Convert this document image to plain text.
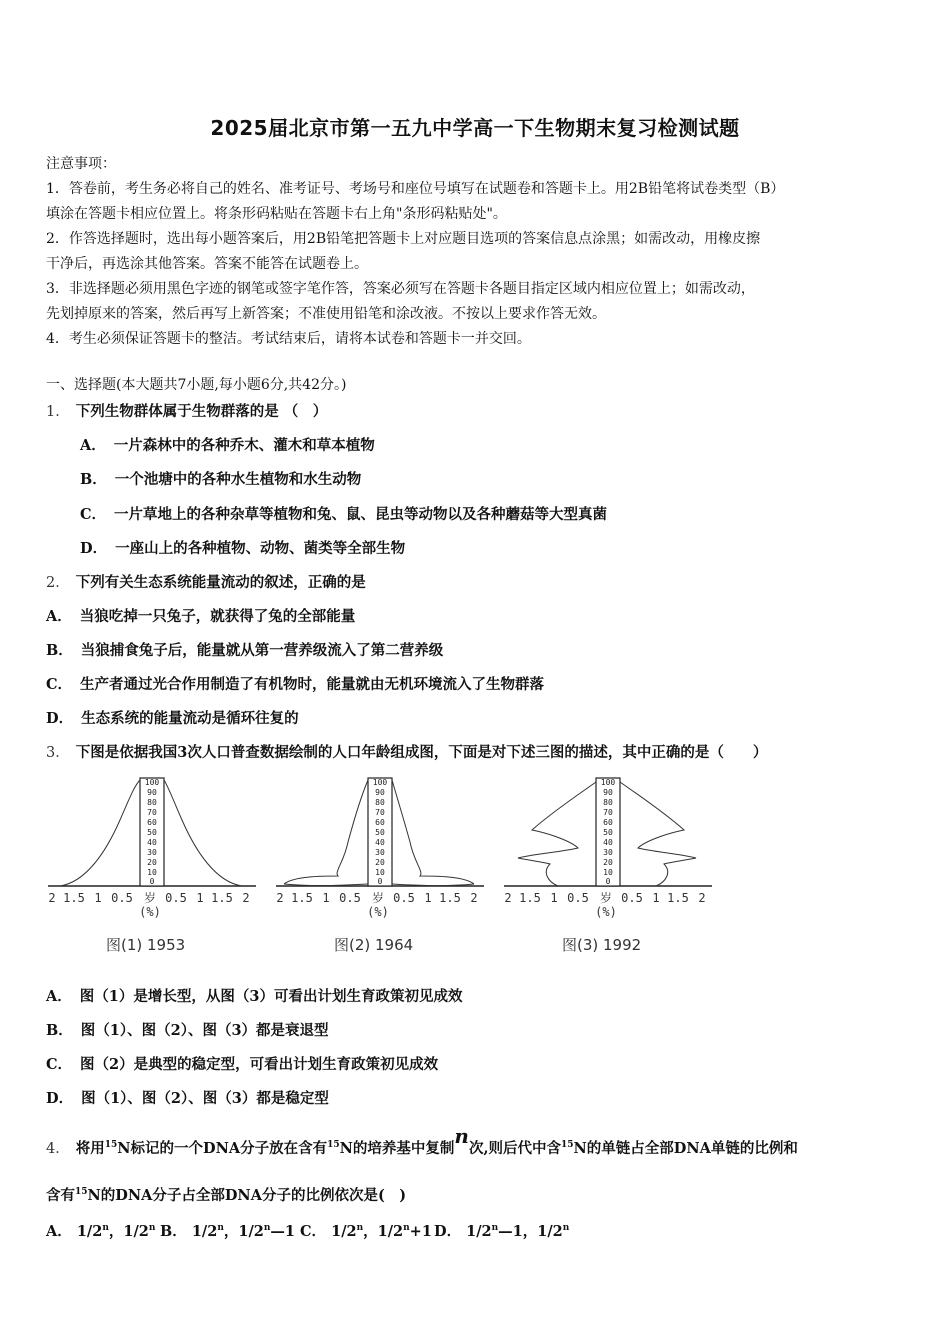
2025届北京市第一五九中学高一下生物期末复习检测试题

注意事项：

1．答卷前，考生务必将自己的姓名、准考证号、考场号和座位号填写在试题卷和答题卡上。用2B铅笔将试卷类型（B）

填涂在答题卡相应位置上。将条形码粘贴在答题卡右上角"条形码粘贴处"。

2．作答选择题时，选出每小题答案后，用2B铅笔把答题卡上对应题目选项的答案信息点涂黑；如需改动，用橡皮擦

干净后，再选涂其他答案。答案不能答在试题卷上。

3．非选择题必须用黑色字迹的钢笔或签字笔作答，答案必须写在答题卡各题目指定区域内相应位置上；如需改动，

先划掉原来的答案，然后再写上新答案；不准使用铅笔和涂改液。不按以上要求作答无效。

4．考生必须保证答题卡的整洁。考试结束后，请将本试卷和答题卡一并交回。

一、选择题(本大题共7小题,每小题6分,共42分。)
1． 下列生物群体属于生物群落的是 （　）
A． 一片森林中的各种乔木、灌木和草本植物
B． 一个池塘中的各种水生植物和水生动物
C． 一片草地上的各种杂草等植物和兔、鼠、昆虫等动物以及各种蘑菇等大型真菌
D． 一座山上的各种植物、动物、菌类等全部生物
2． 下列有关生态系统能量流动的叙述，正确的是
A． 当狼吃掉一只兔子，就获得了兔的全部能量
B． 当狼捕食兔子后，能量就从第一营养级流入了第二营养级
C． 生产者通过光合作用制造了有机物时，能量就由无机环境流入了生物群落
D． 生态系统的能量流动是循环往复的
3． 下图是依据我国3次人口普查数据绘制的人口年龄组成图，下面是对下述三图的描述，其中正确的是（　　）
100
90
80
70
60
50
40
30
20
10
0
2 1.5 1 0.5 岁 0.5 1 1.5 2
(%)
100
90
80
70
60
50
40
30
20
10
0
2 1.5 1 0.5 岁 0.5 1 1.5 2
(%)
100
90
80
70
60
50
40
30
20
10
0
2 1.5 1 0.5 岁 0.5 1 1.5 2
(%)
图(1) 1953	图(2) 1964	图(3) 1992
A． 图（1）是增长型，从图（3）可看出计划生育政策初见成效
B． 图（1）、图（2）、图（3）都是衰退型
C． 图（2）是典型的稳定型，可看出计划生育政策初见成效
D． 图（1）、图（2）、图（3）都是稳定型
4． 将用$^{15}$N标记的一个DNA分子放在含有$^{15}$N的培养基中复制n次,则后代中含$^{15}$N的单链占全部DNA单链的比例和
含有$^{15}$N的DNA分子占全部DNA分子的比例依次是(　)
A． 1/2$^n$，1/2$^n$ B． 1/2$^n$，1/2$^n$—1 C． 1/2$^n$，$1/2^n+1$ D． 1/2$^n$—1，1/2$^n$
